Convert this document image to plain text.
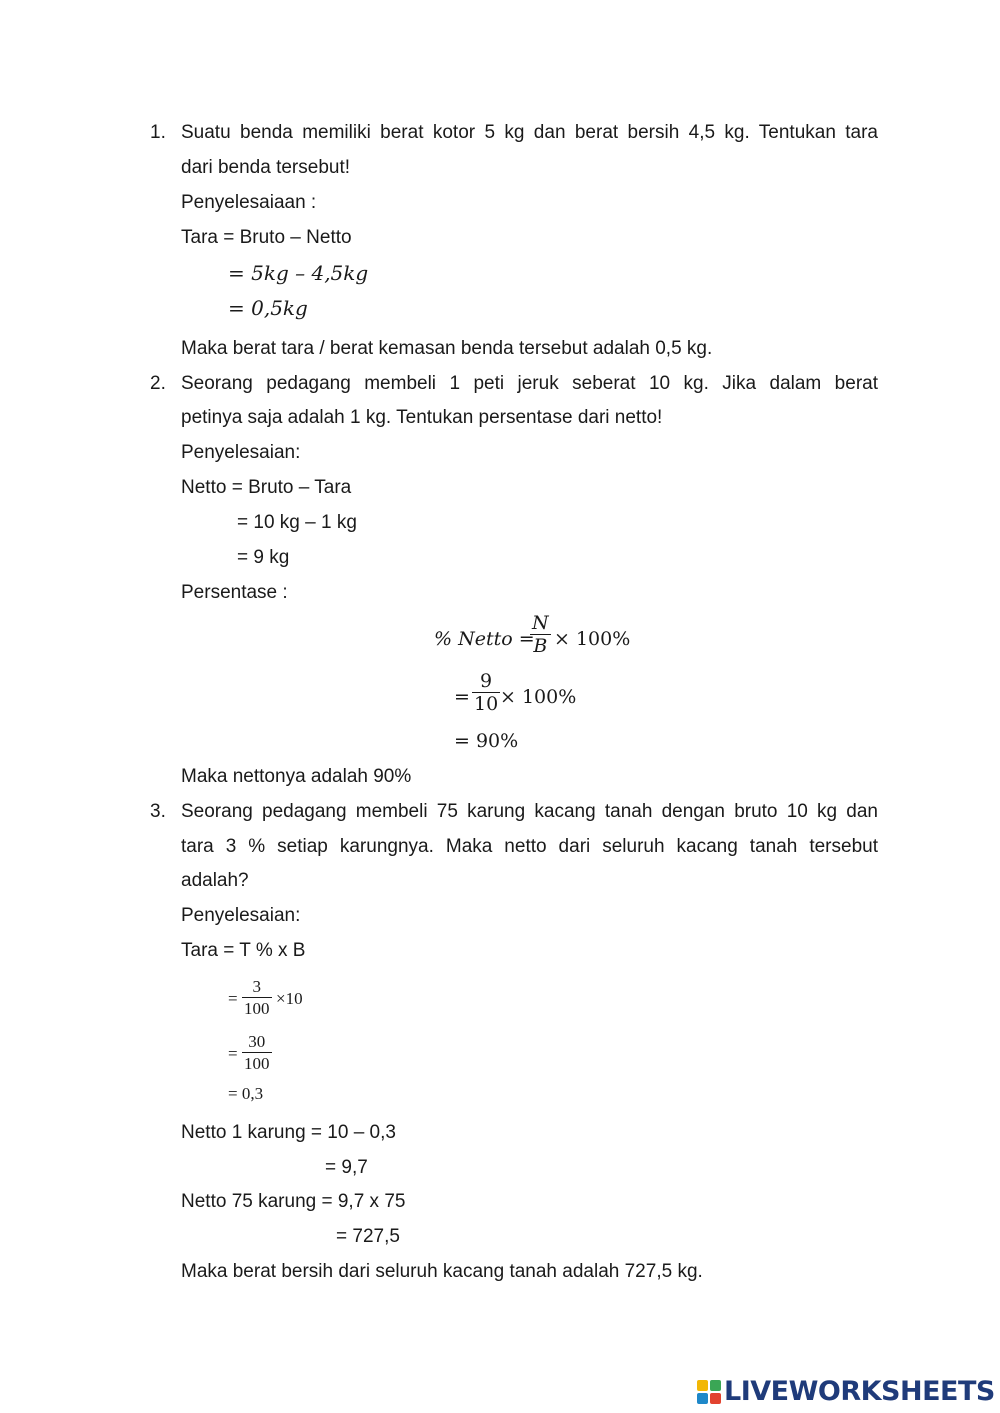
1. Suatu benda memiliki berat kotor 5 kg dan berat bersih 4,5 kg. Tentukan tara
dari benda tersebut!
Penyelesaiaan :
Tara = Bruto – Netto
= 5kg – 4,5kg
= 0,5kg
Maka berat tara / berat kemasan benda tersebut adalah 0,5 kg.
2. Seorang pedagang membeli 1 peti jeruk seberat 10 kg. Jika dalam berat
petinya saja adalah 1 kg. Tentukan persentase dari netto!
Penyelesaian:
Netto = Bruto – Tara
= 10 kg – 1 kg
= 9 kg
Persentase :
% Netto =
$\frac{N}{B} \times 100\%$
= $\frac{9}{10} \times 100\%$
= 90%
Maka nettonya adalah 90%
3. Seorang pedagang membeli 75 karung kacang tanah dengan bruto 10 kg dan
tara 3 % setiap karungnya. Maka netto dari seluruh kacang tanah tersebut
adalah?
Penyelesaian:
Tara = T % x B
= $\frac{3}{100} \times 10$
= $\frac{30}{100}$
= 0,3
Netto 1 karung = 10 – 0,3
= 9,7
Netto 75 karung = 9,7 x 75
= 727,5
Maka berat bersih dari seluruh kacang tanah adalah 727,5 kg.
LIVEWORKSHEETS
